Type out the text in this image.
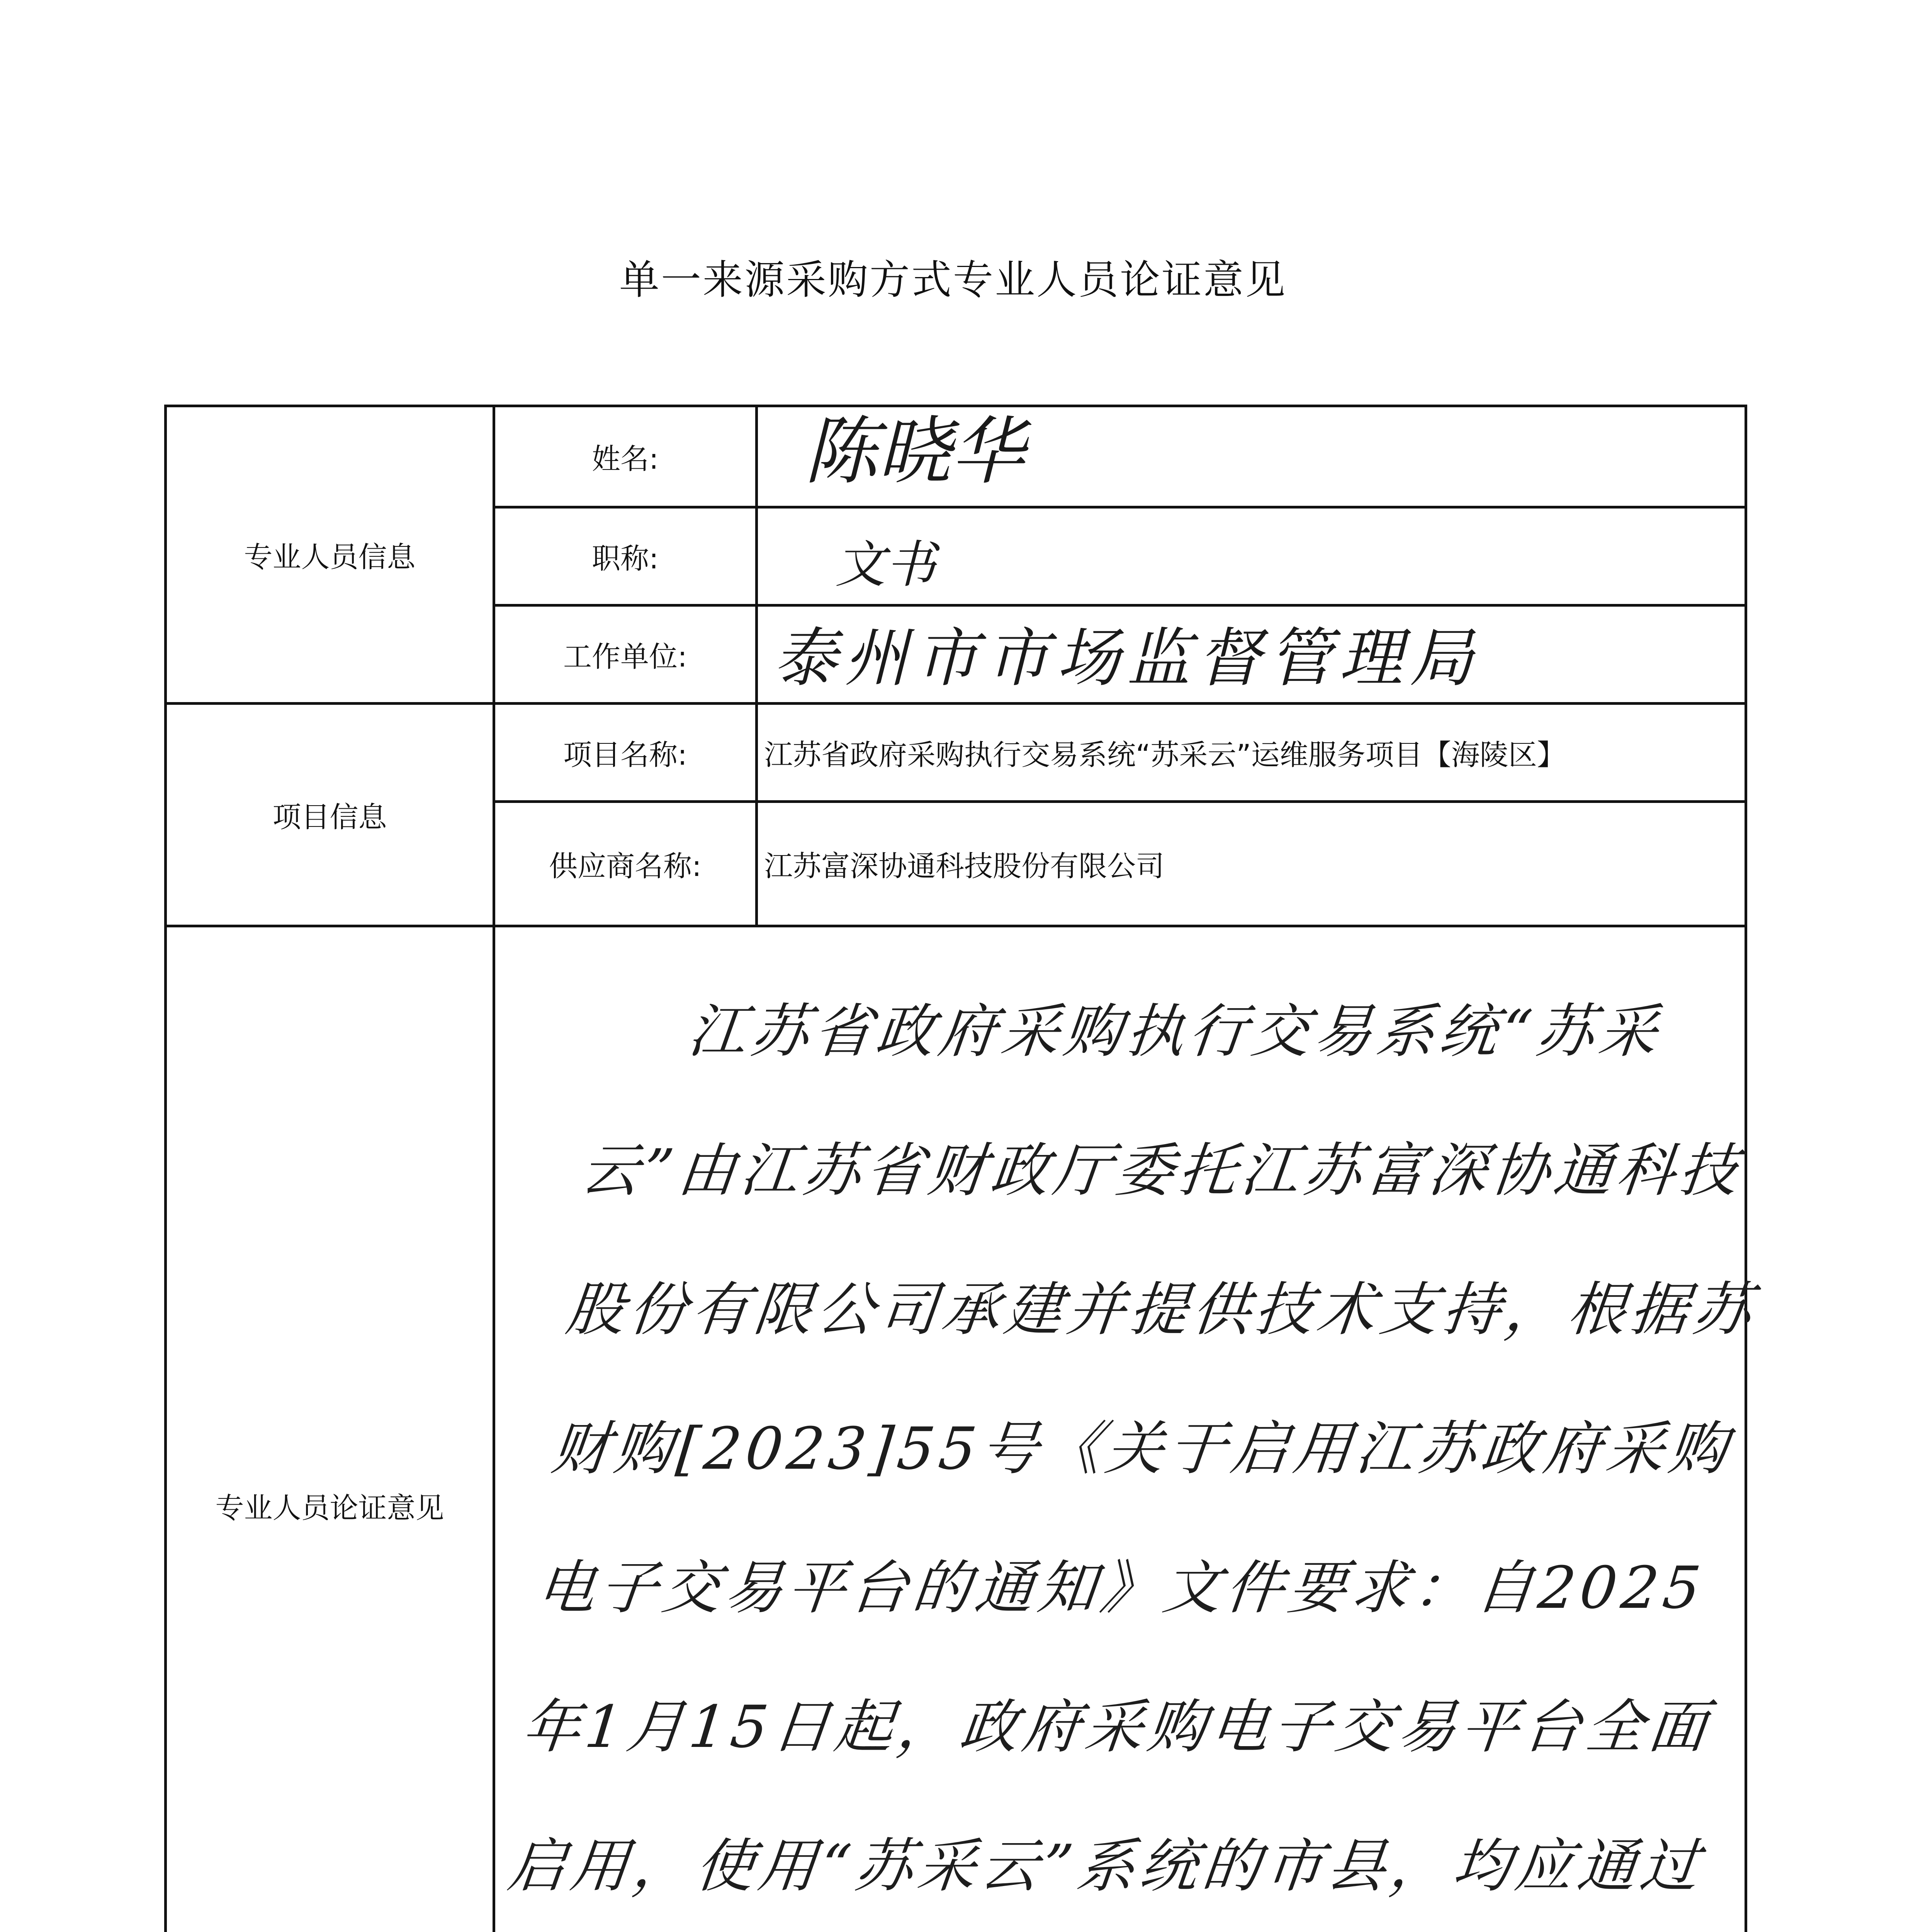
单一来源采购方式专业人员论证意见
专业人员信息	姓名:	陈晓华		

	职称:	文书		

	工作单位:	泰州市市场监督管理局		

项目信息	项目名称:	江苏省政府采购执行交易系统“苏采云”运维服务项目【海陵区】		
	供应商名称:	江苏富深协通科技股份有限公司		
专业人员论证意见	江苏省政府采购执行交易系统“苏采云”由江苏省财政厅委托江苏富深协通科技股份有限公司承建并提供技术支持，根据苏财购[2023]55号《关于启用江苏政府采购电子交易平台的通知》文件要求：自2025年1月15日起，政府采购电子交易平台全面启用，使用“苏采云”系统的市县，均应通过此平台开展政府采购活动，按文件要求，拟采用单一来源方式向江苏富深协通科技股份有限公司采购2025年平台运维服务。			
